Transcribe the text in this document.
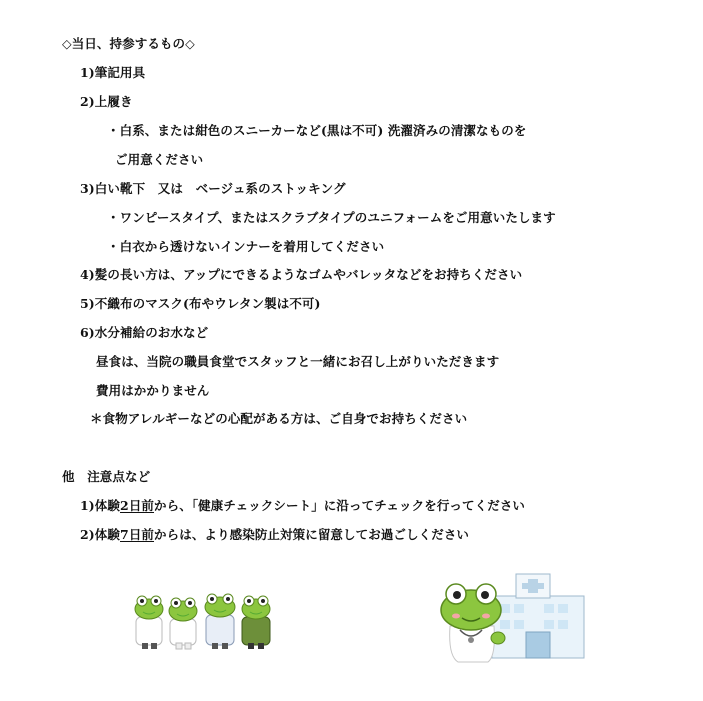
◇当日、持参するもの◇
1)筆記用具
2)上履き
・白系、または紺色のスニーカーなど(黒は不可) 洗濯済みの清潔なものを
ご用意ください
3)白い靴下　又は　ベージュ系のストッキング
・ワンピースタイプ、またはスクラブタイプのユニフォームをご用意いたします
・白衣から透けないインナーを着用してください
4)髪の長い方は、アップにできるようなゴムやバレッタなどをお持ちください
5)不織布のマスク(布やウレタン製は不可)
6)水分補給のお水など
昼食は、当院の職員食堂でスタッフと一緒にお召し上がりいただきます
費用はかかりません
＊食物アレルギーなどの心配がある方は、ご自身でお持ちください
他　注意点など
1)体験2日前から、「健康チェックシート」に沿ってチェックを行ってください
2)体験7日前からは、より感染防止対策に留意してお過ごしください
